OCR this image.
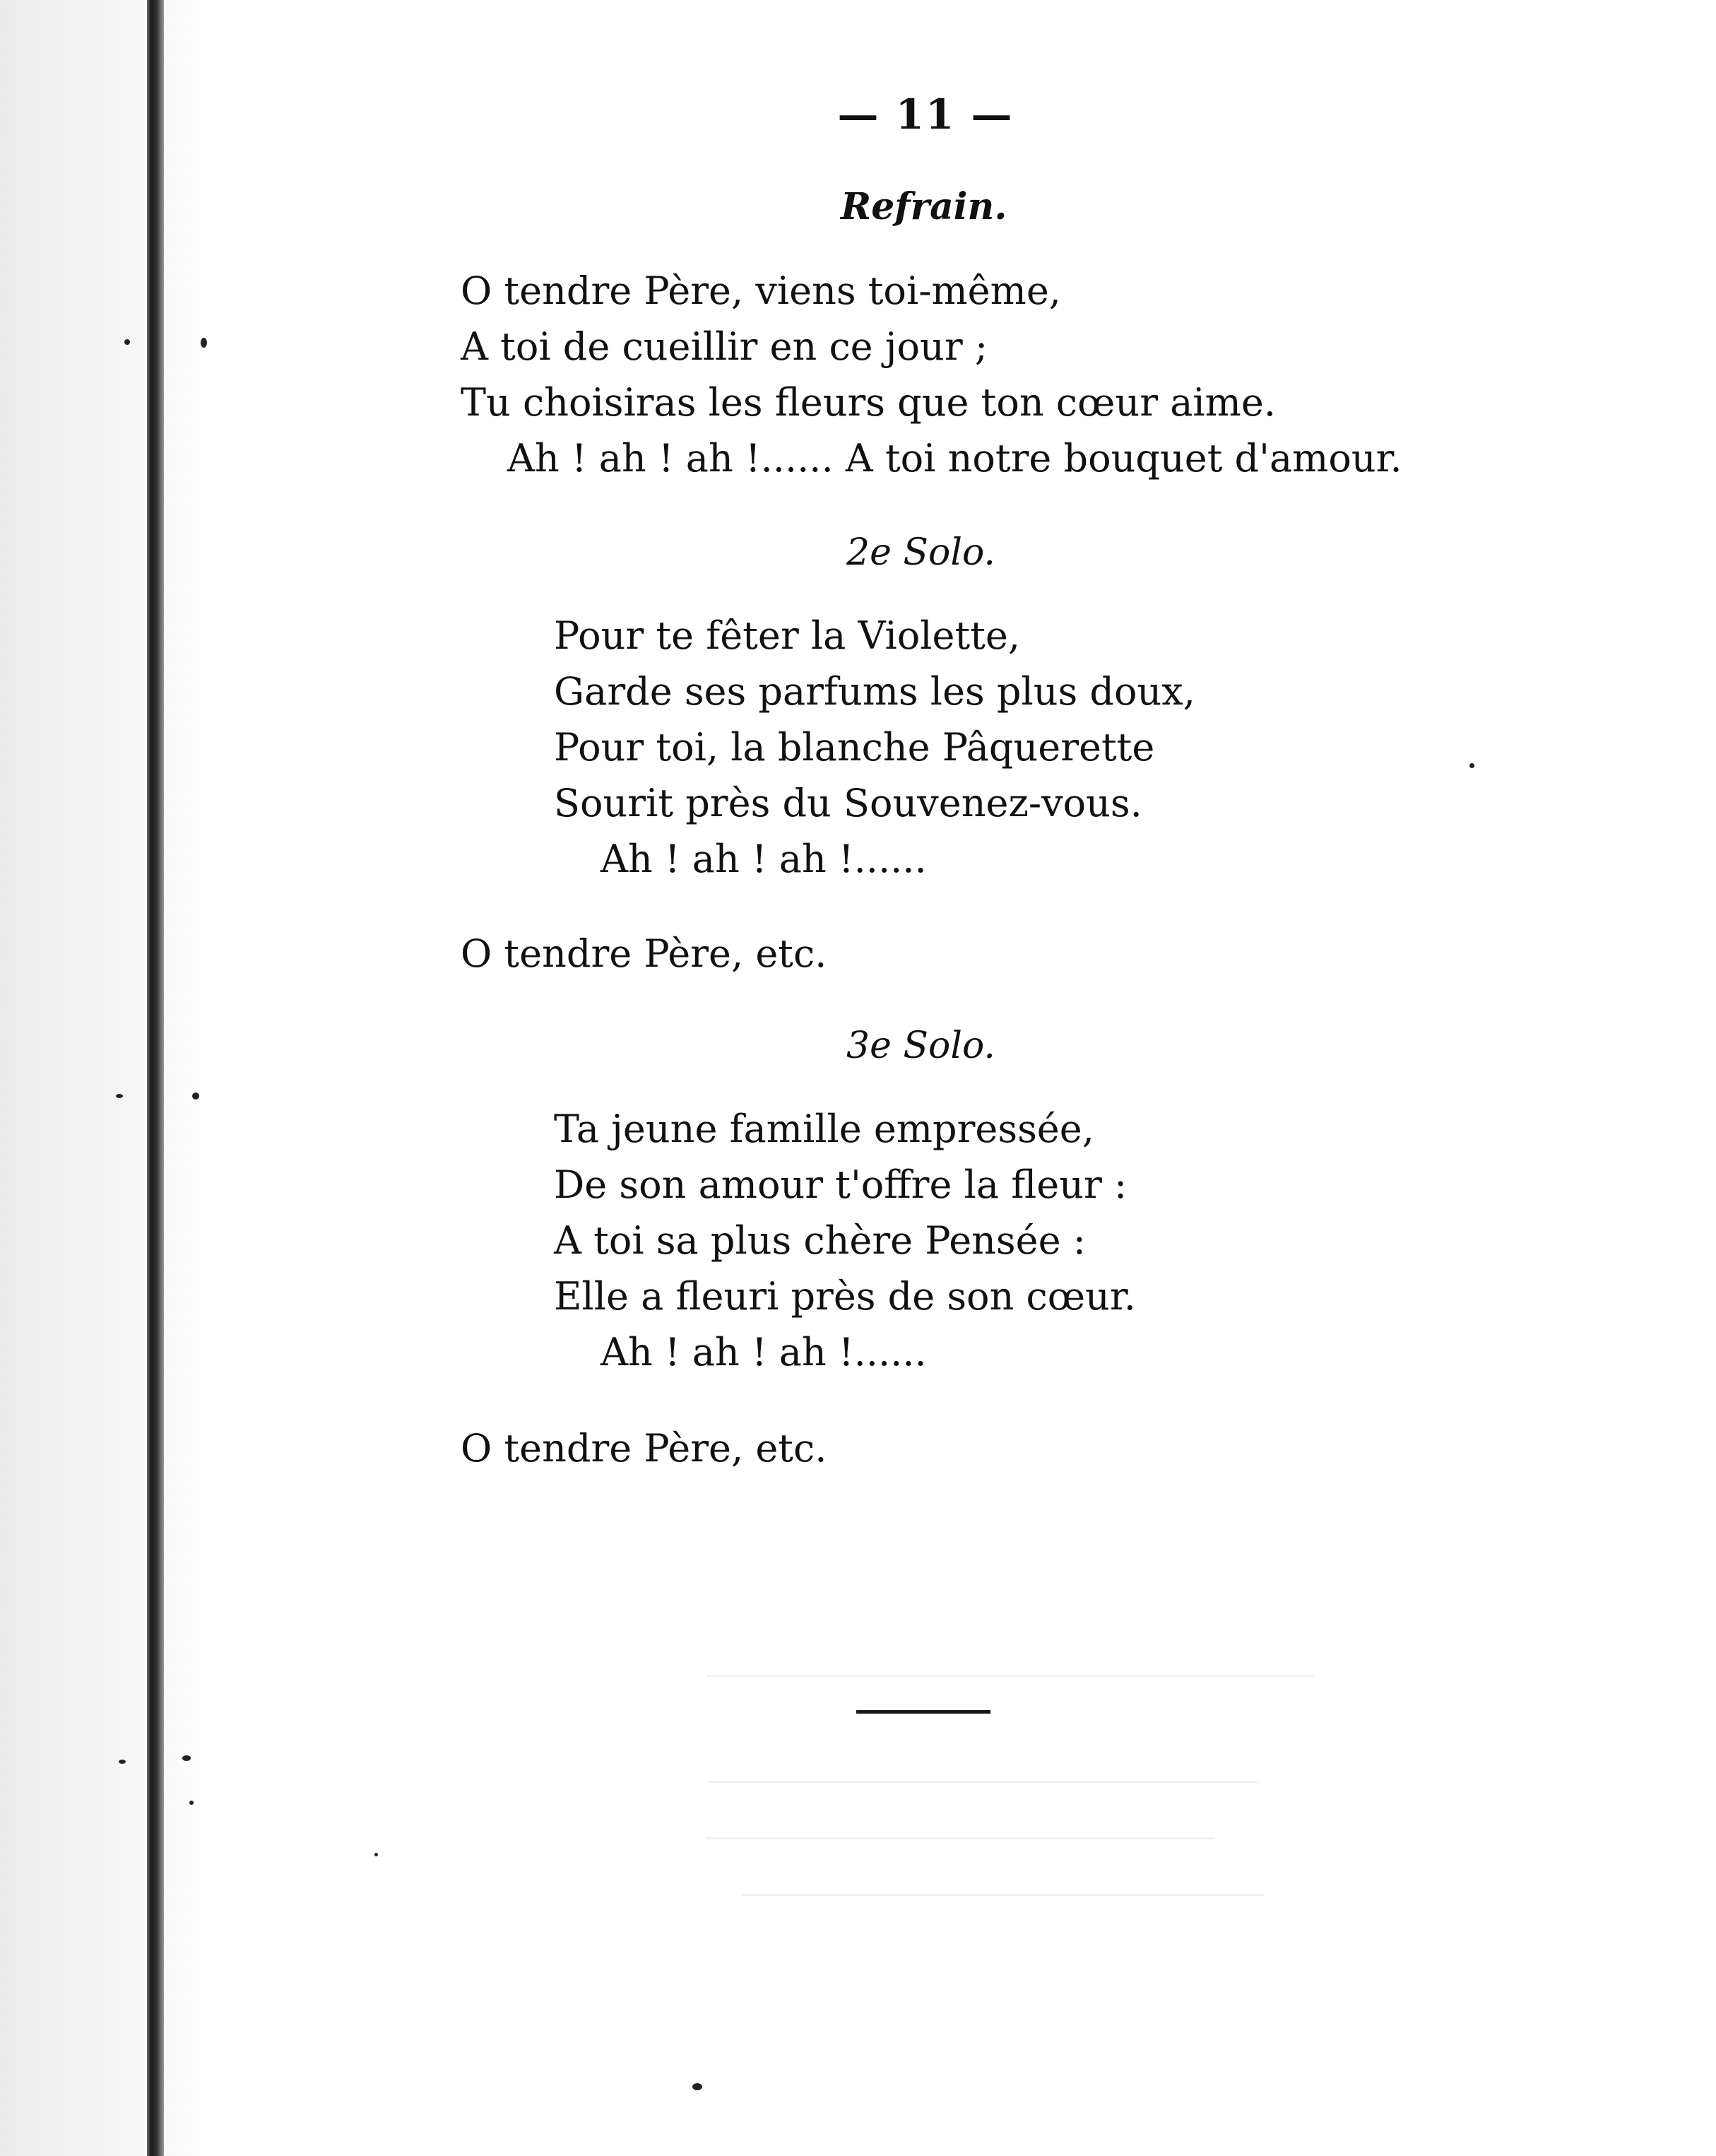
— 11 —
Refrain.
O tendre Père, viens toi-même,
A toi de cueillir en ce jour ;
Tu choisiras les fleurs que ton cœur aime.
Ah ! ah ! ah !...... A toi notre bouquet d'amour.
2e Solo.
Pour te fêter la Violette,
Garde ses parfums les plus doux,
Pour toi, la blanche Pâquerette
Sourit près du Souvenez-vous.
Ah ! ah ! ah !......
O tendre Père, etc.
3e Solo.
Ta jeune famille empressée,
De son amour t'offre la fleur :
A toi sa plus chère Pensée :
Elle a fleuri près de son cœur.
Ah ! ah ! ah !......
O tendre Père, etc.
